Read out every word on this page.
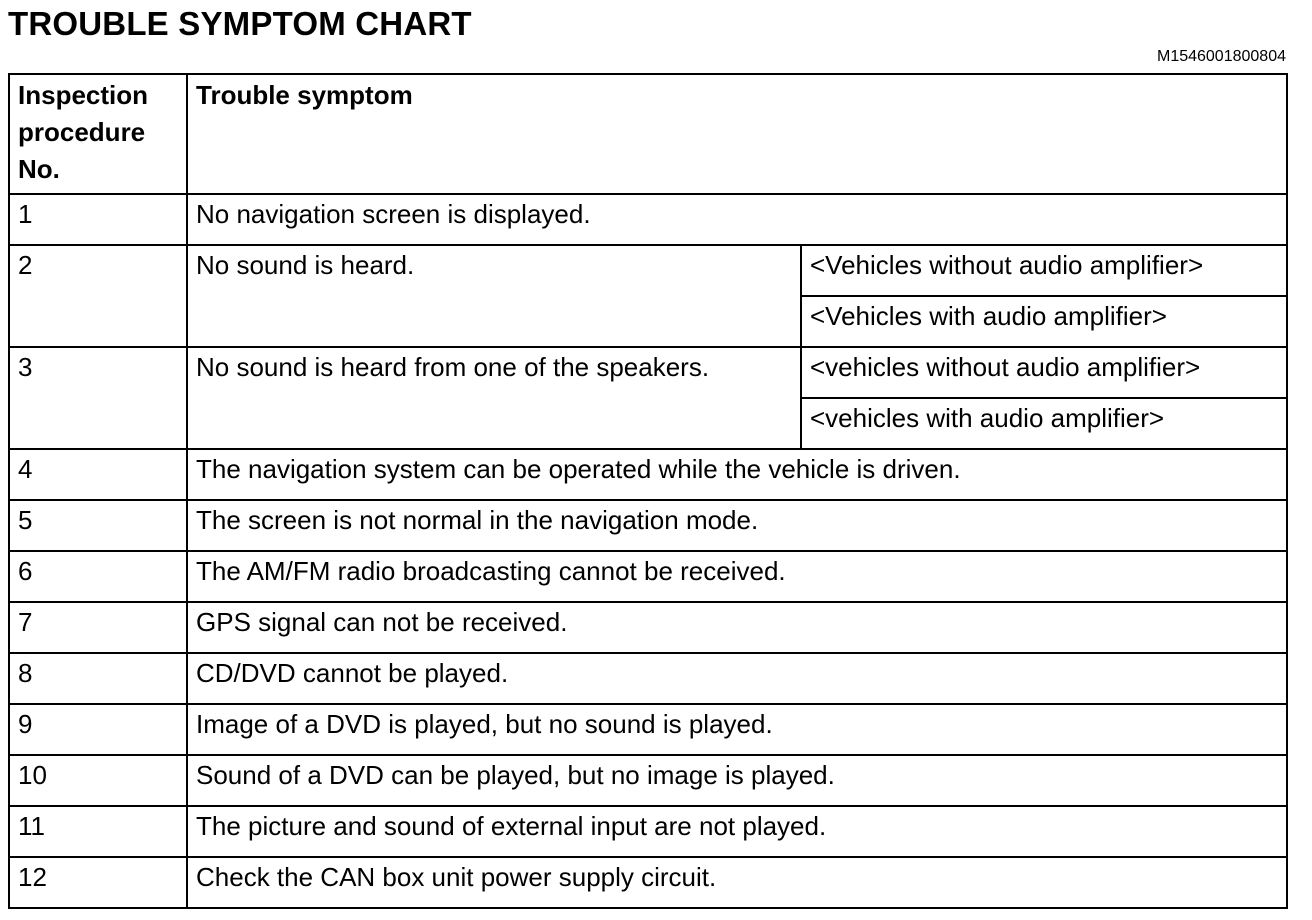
TROUBLE SYMPTOM CHART
M1546001800804
Inspection
procedure
No.	Trouble symptom	
1	No navigation screen is displayed.	
2	No sound is heard.	<Vehicles without audio amplifier>
		<Vehicles with audio amplifier>
3	No sound is heard from one of the speakers.	<vehicles without audio amplifier>
		<vehicles with audio amplifier>
4	The navigation system can be operated while the vehicle is driven.	
5	The screen is not normal in the navigation mode.	
6	The AM/FM radio broadcasting cannot be received.	
7	GPS signal can not be received.	
8	CD/DVD cannot be played.	
9	Image of a DVD is played, but no sound is played.	
10	Sound of a DVD can be played, but no image is played.	
11	The picture and sound of external input are not played.	
12	Check the CAN box unit power supply circuit.	
